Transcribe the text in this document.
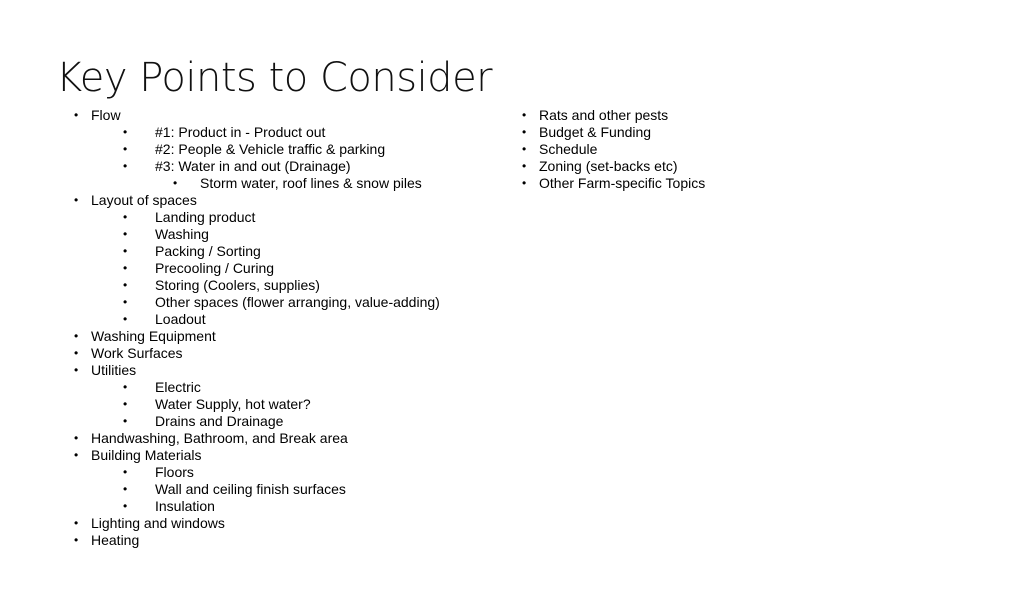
Key Points to Consider
• Flow
• #1: Product in - Product out
• #2: People & Vehicle traffic & parking
• #3: Water in and out (Drainage)
• Storm water, roof lines & snow piles
• Layout of spaces
• Landing product
• Washing
• Packing / Sorting
• Precooling / Curing
• Storing (Coolers, supplies)
• Other spaces (flower arranging, value-adding)
• Loadout
• Washing Equipment
• Work Surfaces
• Utilities
• Electric
• Water Supply, hot water?
• Drains and Drainage
• Handwashing, Bathroom, and Break area
• Building Materials
• Floors
• Wall and ceiling finish surfaces
• Insulation
• Lighting and windows
• Heating
• Rats and other pests
• Budget & Funding
• Schedule
• Zoning (set-backs etc)
• Other Farm-specific Topics
